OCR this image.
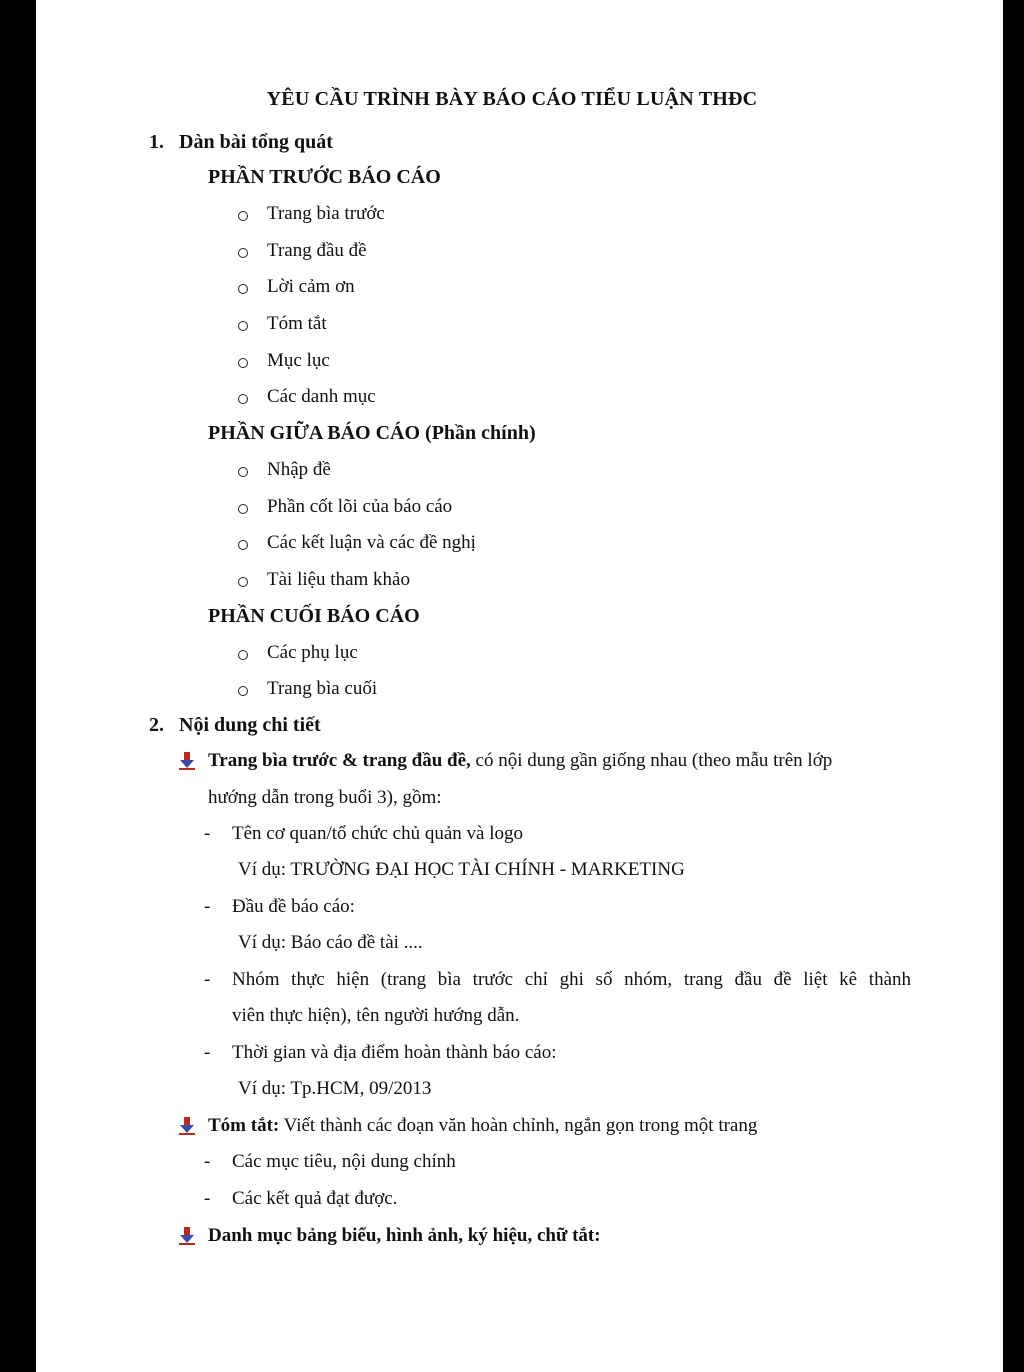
YÊU CẦU TRÌNH BÀY BÁO CÁO TIỂU LUẬN THĐC
1. Dàn bài tổng quát
PHẦN TRƯỚC BÁO CÁO
Trang bìa trước
Trang đầu đề
Lời cảm ơn
Tóm tắt
Mục lục
Các danh mục
PHẦN GIỮA BÁO CÁO (Phần chính)
Nhập đề
Phần cốt lõi của báo cáo
Các kết luận và các đề nghị
Tài liệu tham khảo
PHẦN CUỐI BÁO CÁO
Các phụ lục
Trang bìa cuối
2. Nội dung chi tiết
Trang bìa trước & trang đầu đề, có nội dung gần giống nhau (theo mẫu trên lớp
hướng dẫn trong buổi 3), gồm:
- Tên cơ quan/tổ chức chủ quản và logo
Ví dụ: TRƯỜNG ĐẠI HỌC TÀI CHÍNH - MARKETING
- Đầu đề báo cáo:
Ví dụ: Báo cáo đề tài ....
- Nhóm thực hiện (trang bìa trước chỉ ghi số nhóm, trang đầu đề liệt kê thành
viên thực hiện), tên người hướng dẫn.
- Thời gian và địa điểm hoàn thành báo cáo:
Ví dụ: Tp.HCM, 09/2013
Tóm tắt: Viết thành các đoạn văn hoàn chỉnh, ngắn gọn trong một trang
- Các mục tiêu, nội dung chính
- Các kết quả đạt được.
Danh mục bảng biểu, hình ảnh, ký hiệu, chữ tắt:
